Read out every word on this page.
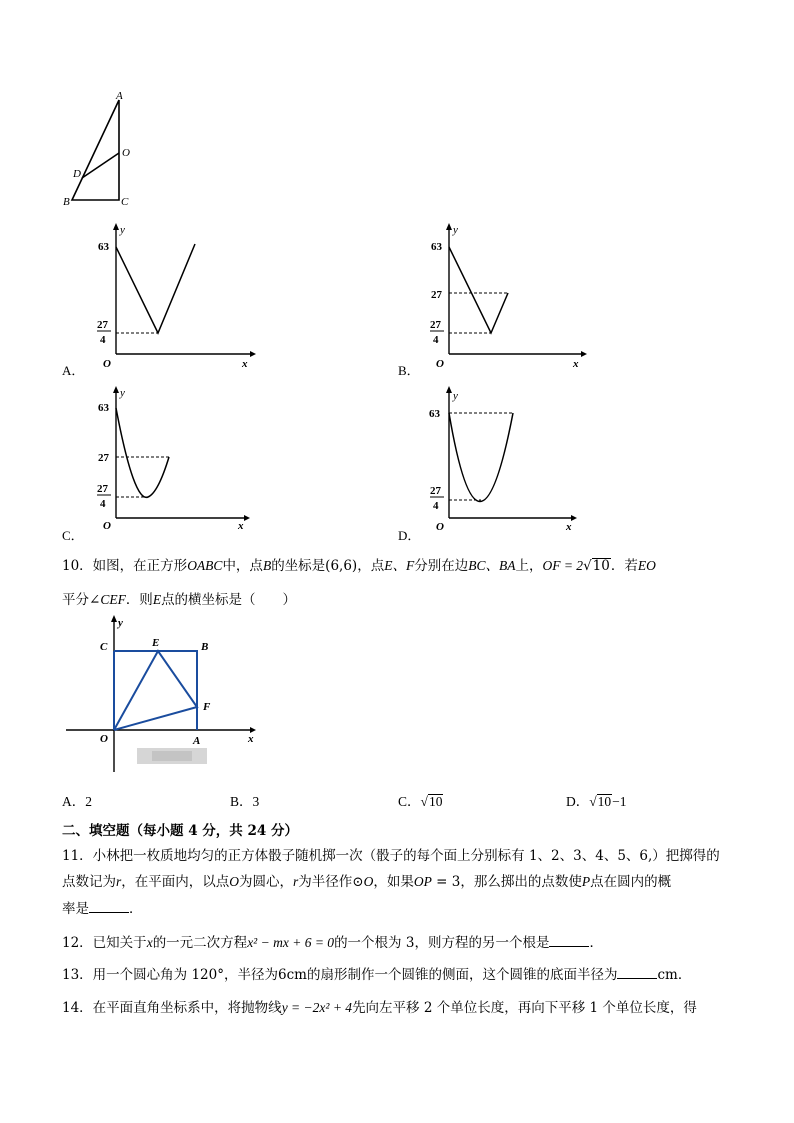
A
O
D
B	C
y
63
27
4
O	x
A．
y
63
27
27
4
O	x
B．
y
63
27
27
4
O	x
C．
y
63
27
4
O	x
D．
10．如图，在正方形OABC中，点B的坐标是(6,6)，点E、F分别在边BC、BA上，OF = 2√10．若EO
平分∠CEF．则E点的横坐标是（　　）
y
C	E	B
F
O	A	x
A．2	B．3	C．√10	D．√10−1
二、填空题（每小题 4 分，共 24 分）
11．小林把一枚质地均匀的正方体骰子随机掷一次（骰子的每个面上分别标有 1、2、3、4、5、6,）把掷得的
点数记为r，在平面内，以点O为圆心，r为半径作⊙O，如果OP = 3，那么掷出的点数使P点在圆内的概
率是	．
12．已知关于x的一元二次方程x² − mx + 6 = 0的一个根为 3，则方程的另一个根是	．
13．用一个圆心角为 120°，半径为6cm的扇形制作一个圆锥的侧面，这个圆锥的底面半径为	cm．
14．在平面直角坐标系中，将抛物线y = −2x² + 4先向左平移 2 个单位长度，再向下平移 1 个单位长度，得
